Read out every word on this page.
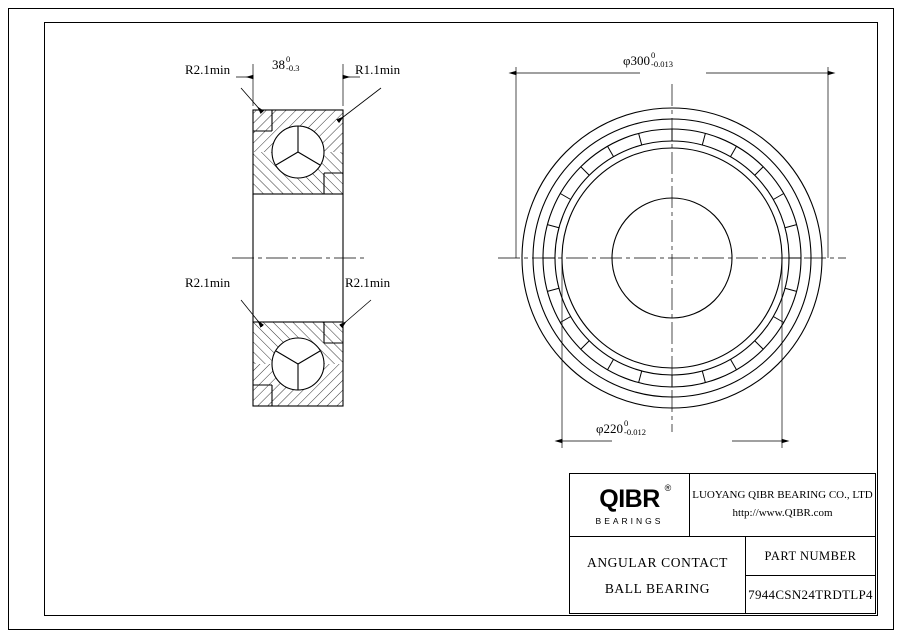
38 0
-0.3
R2.1min	R1.1min
R2.1min	R2.1min
φ300 0
-0.013
φ220 0
-0.012
QIBR ®
BEARINGS
LUOYANG QIBR BEARING CO., LTD
http://www.QIBR.com
ANGULAR CONTACT
BALL BEARING
PART NUMBER
7944CSN24TRDTLP4
